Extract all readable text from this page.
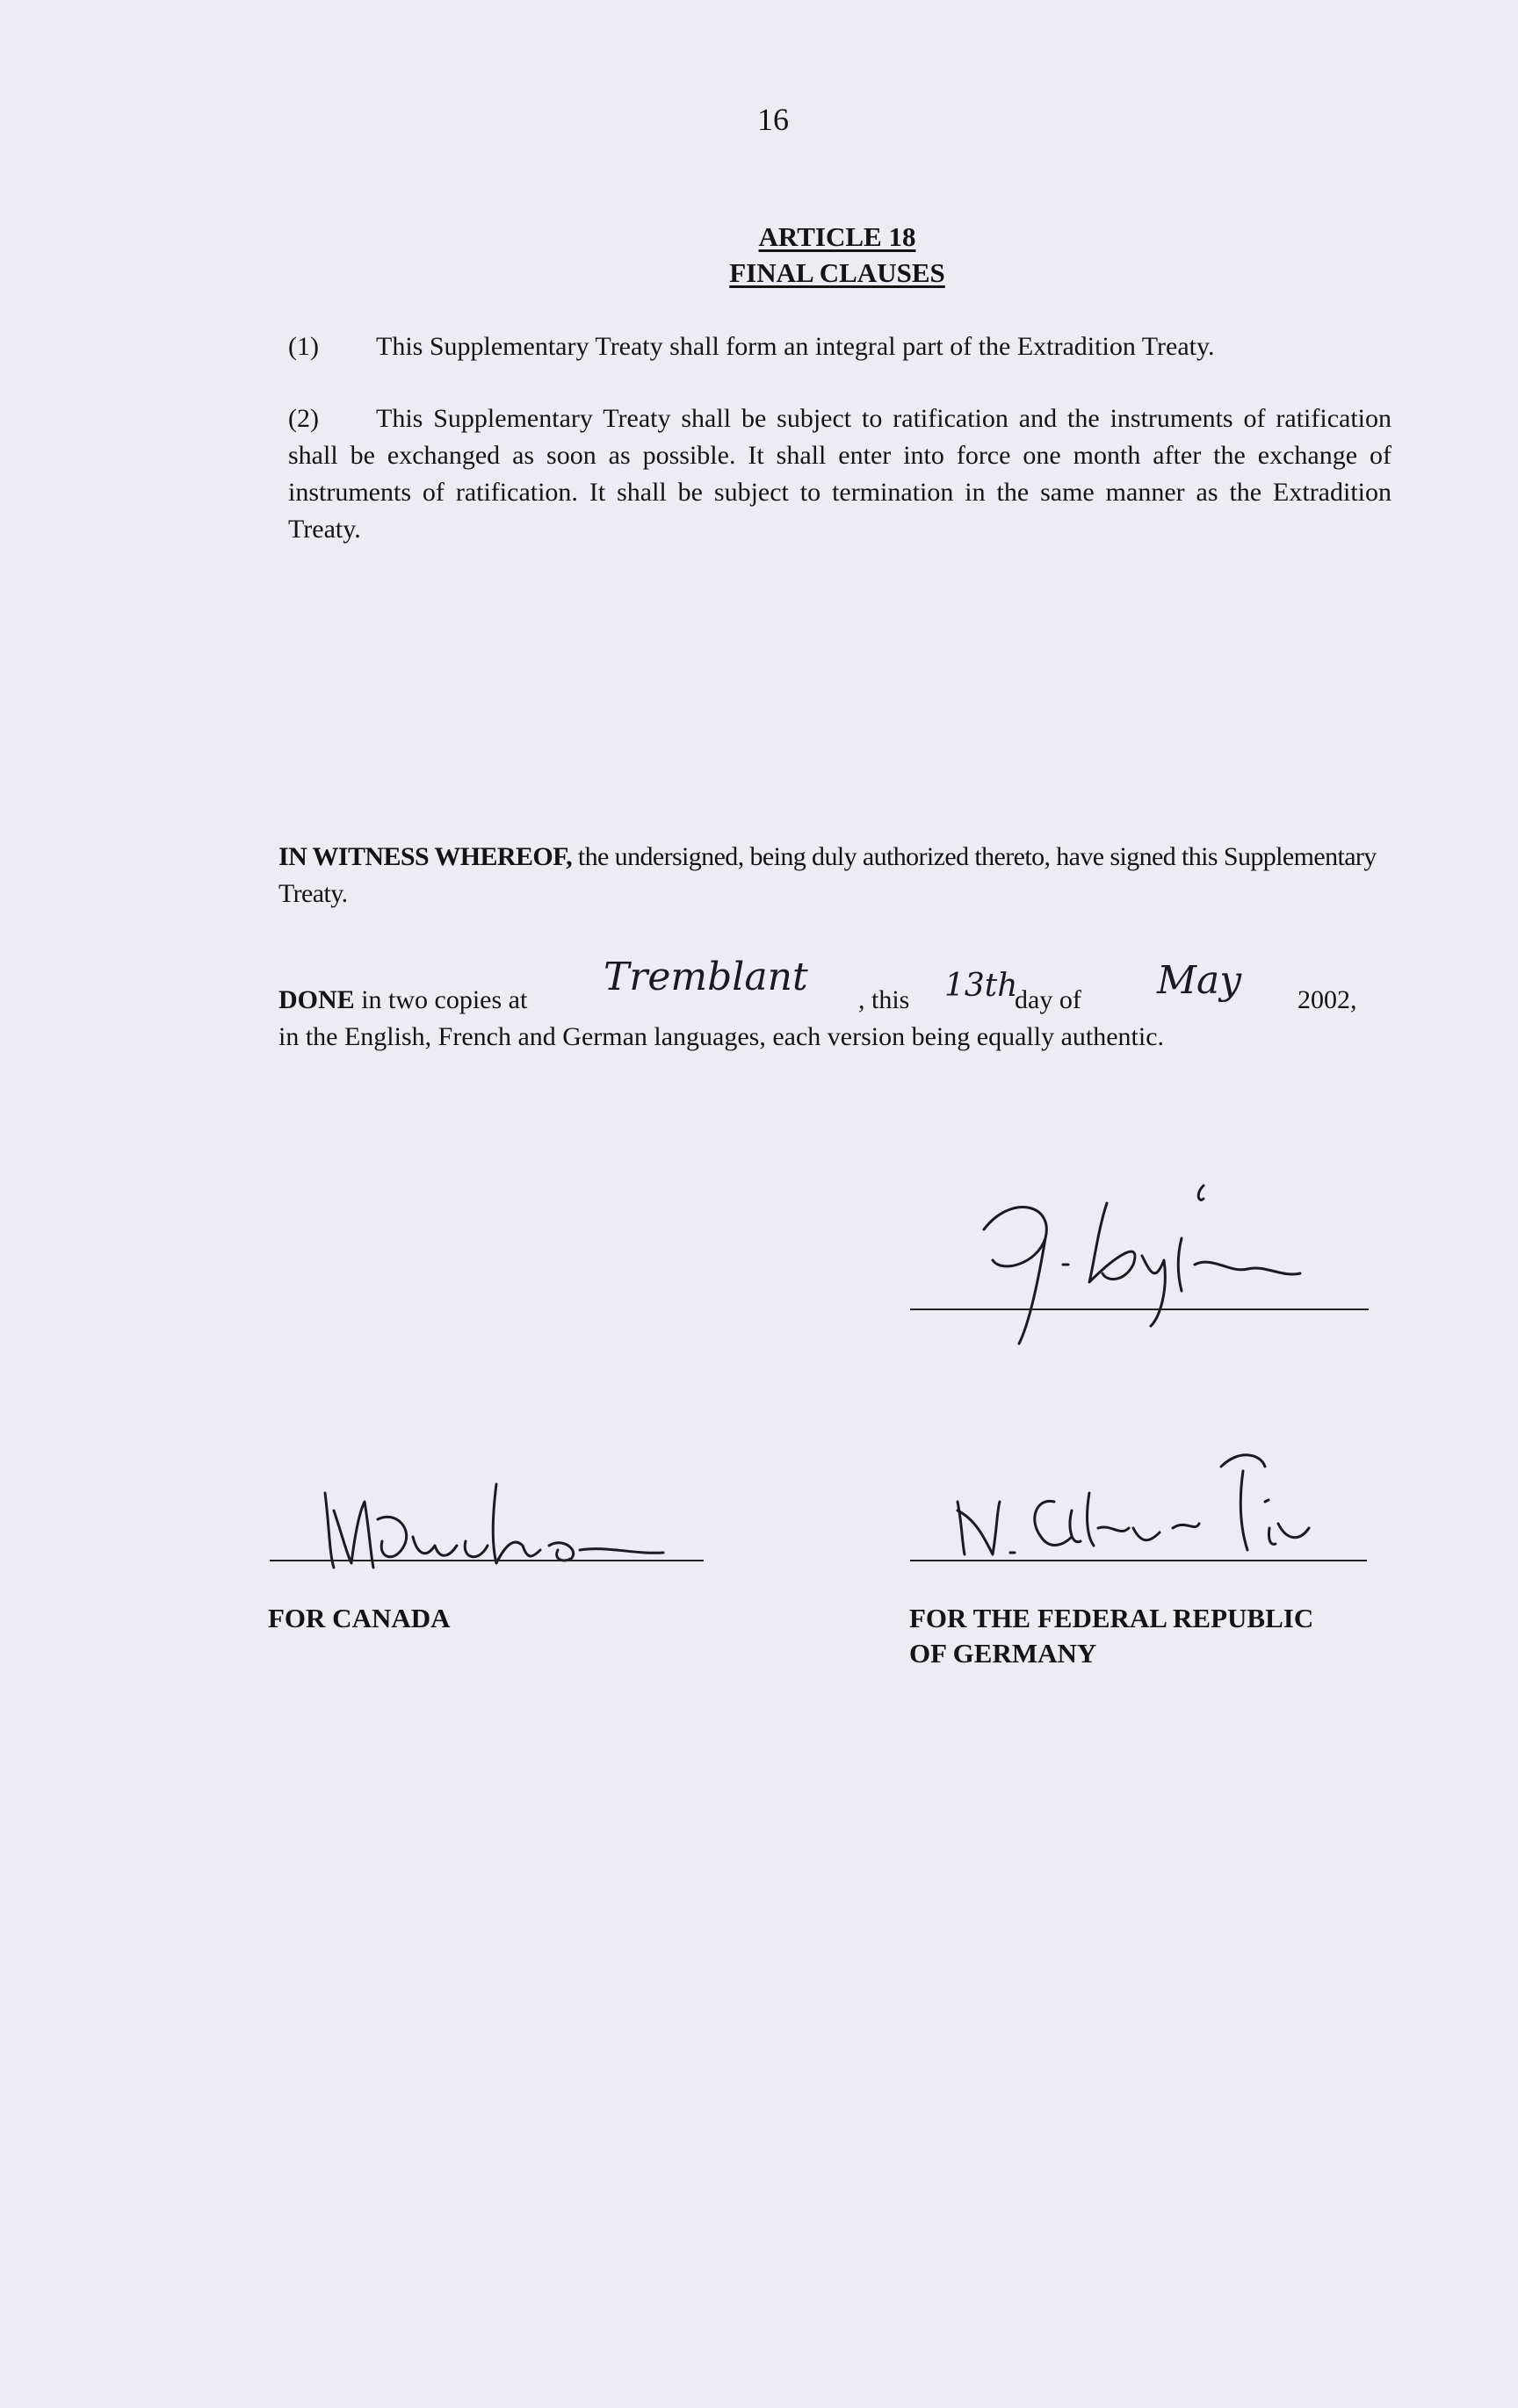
16
ARTICLE 18
FINAL CLAUSES
(1) This Supplementary Treaty shall form an integral part of the Extradition Treaty.
(2) This Supplementary Treaty shall be subject to ratification and the instruments of ratification shall be exchanged as soon as possible. It shall enter into force one month after the exchange of instruments of ratification. It shall be subject to termination in the same manner as the Extradition Treaty.
IN WITNESS WHEREOF, the undersigned, being duly authorized thereto, have signed this Supplementary Treaty.
DONE in two copies at
Tremblant
, this 13th
day of May 2002,
in the English, French and German languages, each version being equally authentic.
FOR CANADA	FOR THE FEDERAL REPUBLIC
OF GERMANY
